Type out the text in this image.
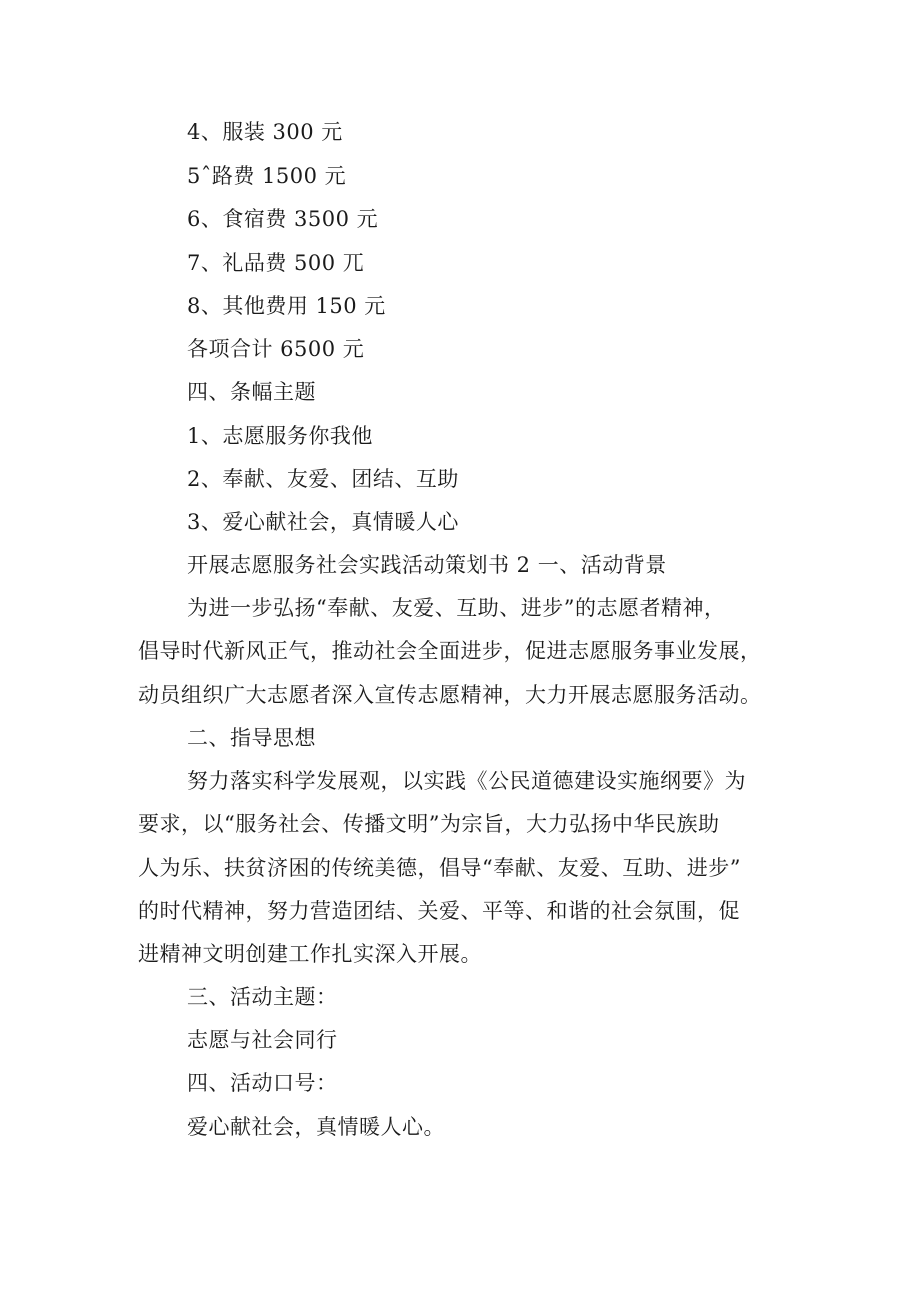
4、服装 300 元
5ˆ路费 1500 元
6、食宿费 3500 元
7、礼品费 500 兀
8、其他费用 150 元
各项合计 6500 元
四、条幅主题
1、志愿服务你我他
2、奉献、友爱、团结、互助
3、爱心献社会，真情暖人心
开展志愿服务社会实践活动策划书 2 一、活动背景
为进一步弘扬“奉献、友爱、互助、进步”的志愿者精神，
倡导时代新风正气，推动社会全面进步，促进志愿服务事业发展，
动员组织广大志愿者深入宣传志愿精神，大力开展志愿服务活动。
二、指导思想
努力落实科学发展观，以实践《公民道德建设实施纲要》为
要求，以“服务社会、传播文明”为宗旨，大力弘扬中华民族助
人为乐、扶贫济困的传统美德，倡导“奉献、友爱、互助、进步”
的时代精神，努力营造团结、关爱、平等、和谐的社会氛围，促
进精神文明创建工作扎实深入开展。
三、活动主题：
志愿与社会同行
四、活动口号：
爱心献社会，真情暖人心。
